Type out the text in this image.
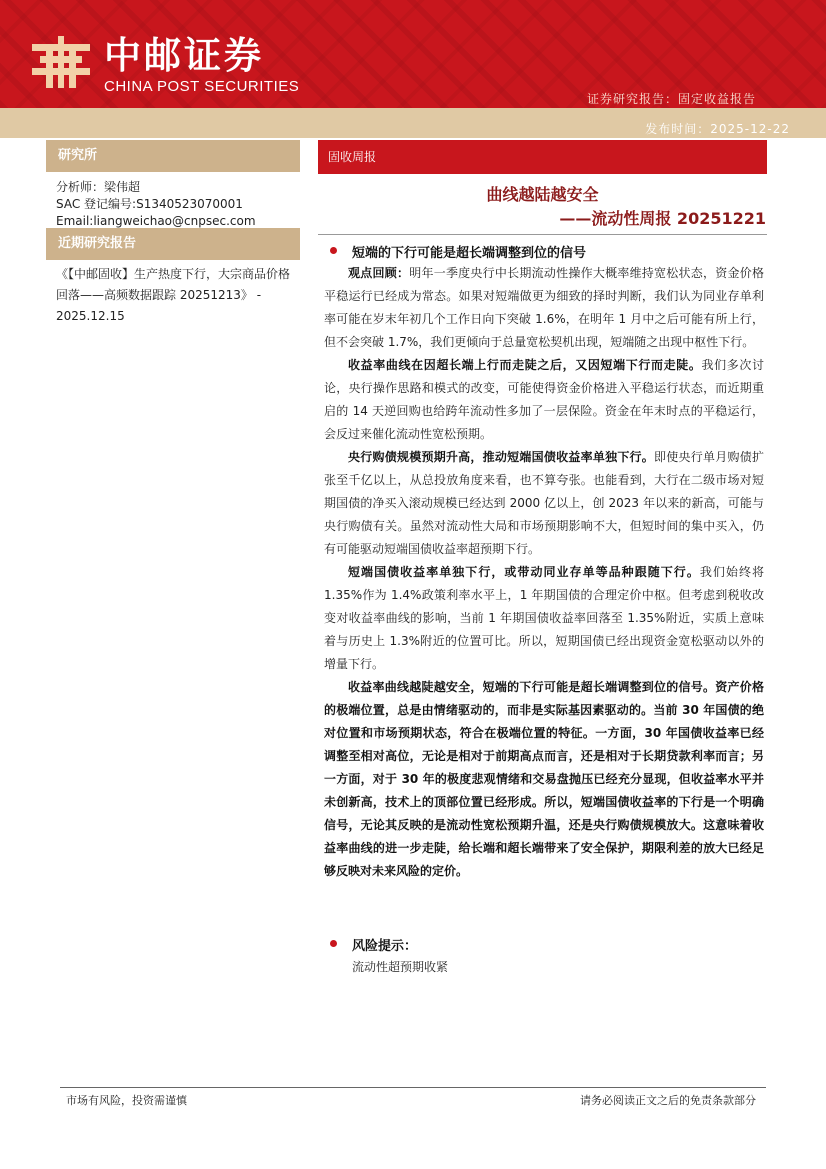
中邮证券
CHINA POST SECURITIES
证券研究报告：固定收益报告
发布时间：2025-12-22
研究所
分析师：梁伟超
SAC 登记编号:S1340523070001
Email:liangweichao@cnpsec.com
近期研究报告
《【中邮固收】生产热度下行，大宗商品价格回落——高频数据跟踪 20251213》 - 2025.12.15
固收周报
曲线越陆越安全
——流动性周报 20251221
短端的下行可能是超长端调整到位的信号

观点回顾：明年一季度央行中长期流动性操作大概率维持宽松状态，资金价格平稳运行已经成为常态。如果对短端做更为细致的择时判断，我们认为同业存单利率可能在岁末年初几个工作日向下突破 1.6%，在明年 1 月中之后可能有所上行，但不会突破 1.7%，我们更倾向于总量宽松契机出现，短端随之出现中枢性下行。

收益率曲线在因超长端上行而走陡之后，又因短端下行而走陡。我们多次讨论，央行操作思路和模式的改变，可能使得资金价格进入平稳运行状态，而近期重启的 14 天逆回购也给跨年流动性多加了一层保险。资金在年末时点的平稳运行，会反过来催化流动性宽松预期。

央行购债规模预期升高，推动短端国债收益率单独下行。即使央行单月购债扩张至千亿以上，从总投放角度来看，也不算夸张。也能看到，大行在二级市场对短期国债的净买入滚动规模已经达到 2000 亿以上，创 2023 年以来的新高，可能与央行购债有关。虽然对流动性大局和市场预期影响不大，但短时间的集中买入，仍有可能驱动短端国债收益率超预期下行。

短端国债收益率单独下行，或带动同业存单等品种跟随下行。我们始终将 1.35%作为 1.4%政策利率水平上，1 年期国债的合理定价中枢。但考虑到税收改变对收益率曲线的影响，当前 1 年期国债收益率回落至 1.35%附近，实质上意味着与历史上 1.3%附近的位置可比。所以，短期国债已经出现资金宽松驱动以外的增量下行。

收益率曲线越陡越安全，短端的下行可能是超长端调整到位的信号。资产价格的极端位置，总是由情绪驱动的，而非是实际基因素驱动的。当前 30 年国债的绝对位置和市场预期状态，符合在极端位置的特征。一方面，30 年国债收益率已经调整至相对高位，无论是相对于前期高点而言，还是相对于长期贷款利率而言；另一方面，对于 30 年的极度悲观情绪和交易盘抛压已经充分显现，但收益率水平并未创新高，技术上的顶部位置已经形成。所以，短端国债收益率的下行是一个明确信号，无论其反映的是流动性宽松预期升温，还是央行购债规模放大。这意味着收益率曲线的进一步走陡，给长端和超长端带来了安全保护，期限利差的放大已经足够反映对未来风险的定价。

风险提示：
流动性超预期收紧
市场有风险，投资需谨慎	请务必阅读正文之后的免责条款部分
